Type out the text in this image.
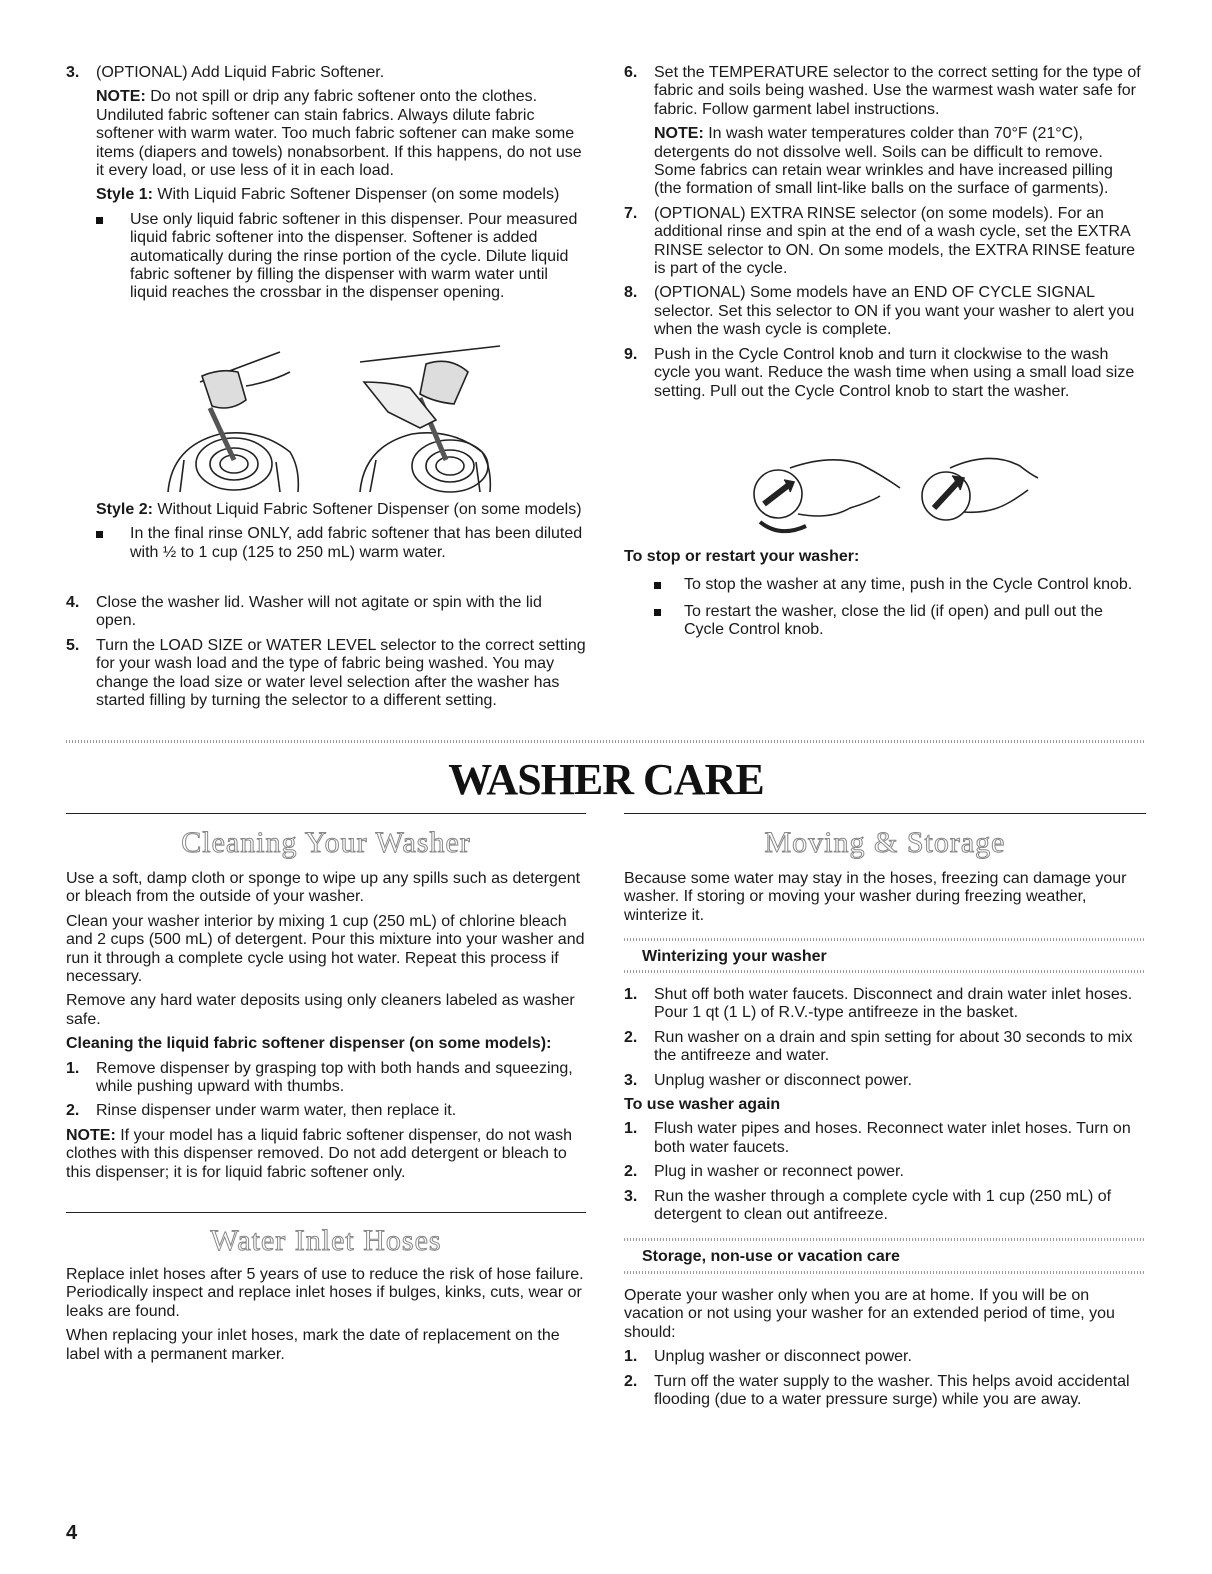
3. (OPTIONAL) Add Liquid Fabric Softener.
NOTE: Do not spill or drip any fabric softener onto the clothes. Undiluted fabric softener can stain fabrics. Always dilute fabric softener with warm water. Too much fabric softener can make some items (diapers and towels) nonabsorbent. If this happens, do not use it every load, or use less of it in each load.
Style 1: With Liquid Fabric Softener Dispenser (on some models)
Use only liquid fabric softener in this dispenser. Pour measured liquid fabric softener into the dispenser. Softener is added automatically during the rinse portion of the cycle. Dilute liquid fabric softener by filling the dispenser with warm water until liquid reaches the crossbar in the dispenser opening.
Style 2: Without Liquid Fabric Softener Dispenser (on some models)
In the final rinse ONLY, add fabric softener that has been diluted with ½ to 1 cup (125 to 250 mL) warm water.
4. Close the washer lid. Washer will not agitate or spin with the lid open.
5. Turn the LOAD SIZE or WATER LEVEL selector to the correct setting for your wash load and the type of fabric being washed. You may change the load size or water level selection after the washer has started filling by turning the selector to a different setting.
6. Set the TEMPERATURE selector to the correct setting for the type of fabric and soils being washed. Use the warmest wash water safe for fabric. Follow garment label instructions.
NOTE: In wash water temperatures colder than 70°F (21°C), detergents do not dissolve well. Soils can be difficult to remove. Some fabrics can retain wear wrinkles and have increased pilling (the formation of small lint-like balls on the surface of garments).
7. (OPTIONAL) EXTRA RINSE selector (on some models). For an additional rinse and spin at the end of a wash cycle, set the EXTRA RINSE selector to ON. On some models, the EXTRA RINSE feature is part of the cycle.
8. (OPTIONAL) Some models have an END OF CYCLE SIGNAL selector. Set this selector to ON if you want your washer to alert you when the wash cycle is complete.
9. Push in the Cycle Control knob and turn it clockwise to the wash cycle you want. Reduce the wash time when using a small load size setting. Pull out the Cycle Control knob to start the washer.
To stop or restart your washer:
To stop the washer at any time, push in the Cycle Control knob.
To restart the washer, close the lid (if open) and pull out the Cycle Control knob.
WASHER CARE
Cleaning Your Washer	Moving & Storage
Use a soft, damp cloth or sponge to wipe up any spills such as detergent or bleach from the outside of your washer.
Clean your washer interior by mixing 1 cup (250 mL) of chlorine bleach and 2 cups (500 mL) of detergent. Pour this mixture into your washer and run it through a complete cycle using hot water. Repeat this process if necessary.
Remove any hard water deposits using only cleaners labeled as washer safe.
Cleaning the liquid fabric softener dispenser (on some models):
1. Remove dispenser by grasping top with both hands and squeezing, while pushing upward with thumbs.
2. Rinse dispenser under warm water, then replace it.
NOTE: If your model has a liquid fabric softener dispenser, do not wash clothes with this dispenser removed. Do not add detergent or bleach to this dispenser; it is for liquid fabric softener only.
Water Inlet Hoses
Replace inlet hoses after 5 years of use to reduce the risk of hose failure. Periodically inspect and replace inlet hoses if bulges, kinks, cuts, wear or leaks are found.
When replacing your inlet hoses, mark the date of replacement on the label with a permanent marker.
Because some water may stay in the hoses, freezing can damage your washer. If storing or moving your washer during freezing weather, winterize it.
Winterizing your washer
1. Shut off both water faucets. Disconnect and drain water inlet hoses. Pour 1 qt (1 L) of R.V.-type antifreeze in the basket.
2. Run washer on a drain and spin setting for about 30 seconds to mix the antifreeze and water.
3. Unplug washer or disconnect power.
To use washer again
1. Flush water pipes and hoses. Reconnect water inlet hoses. Turn on both water faucets.
2. Plug in washer or reconnect power.
3. Run the washer through a complete cycle with 1 cup (250 mL) of detergent to clean out antifreeze.
Storage, non-use or vacation care
Operate your washer only when you are at home. If you will be on vacation or not using your washer for an extended period of time, you should:
1. Unplug washer or disconnect power.
2. Turn off the water supply to the washer. This helps avoid accidental flooding (due to a water pressure surge) while you are away.
4
